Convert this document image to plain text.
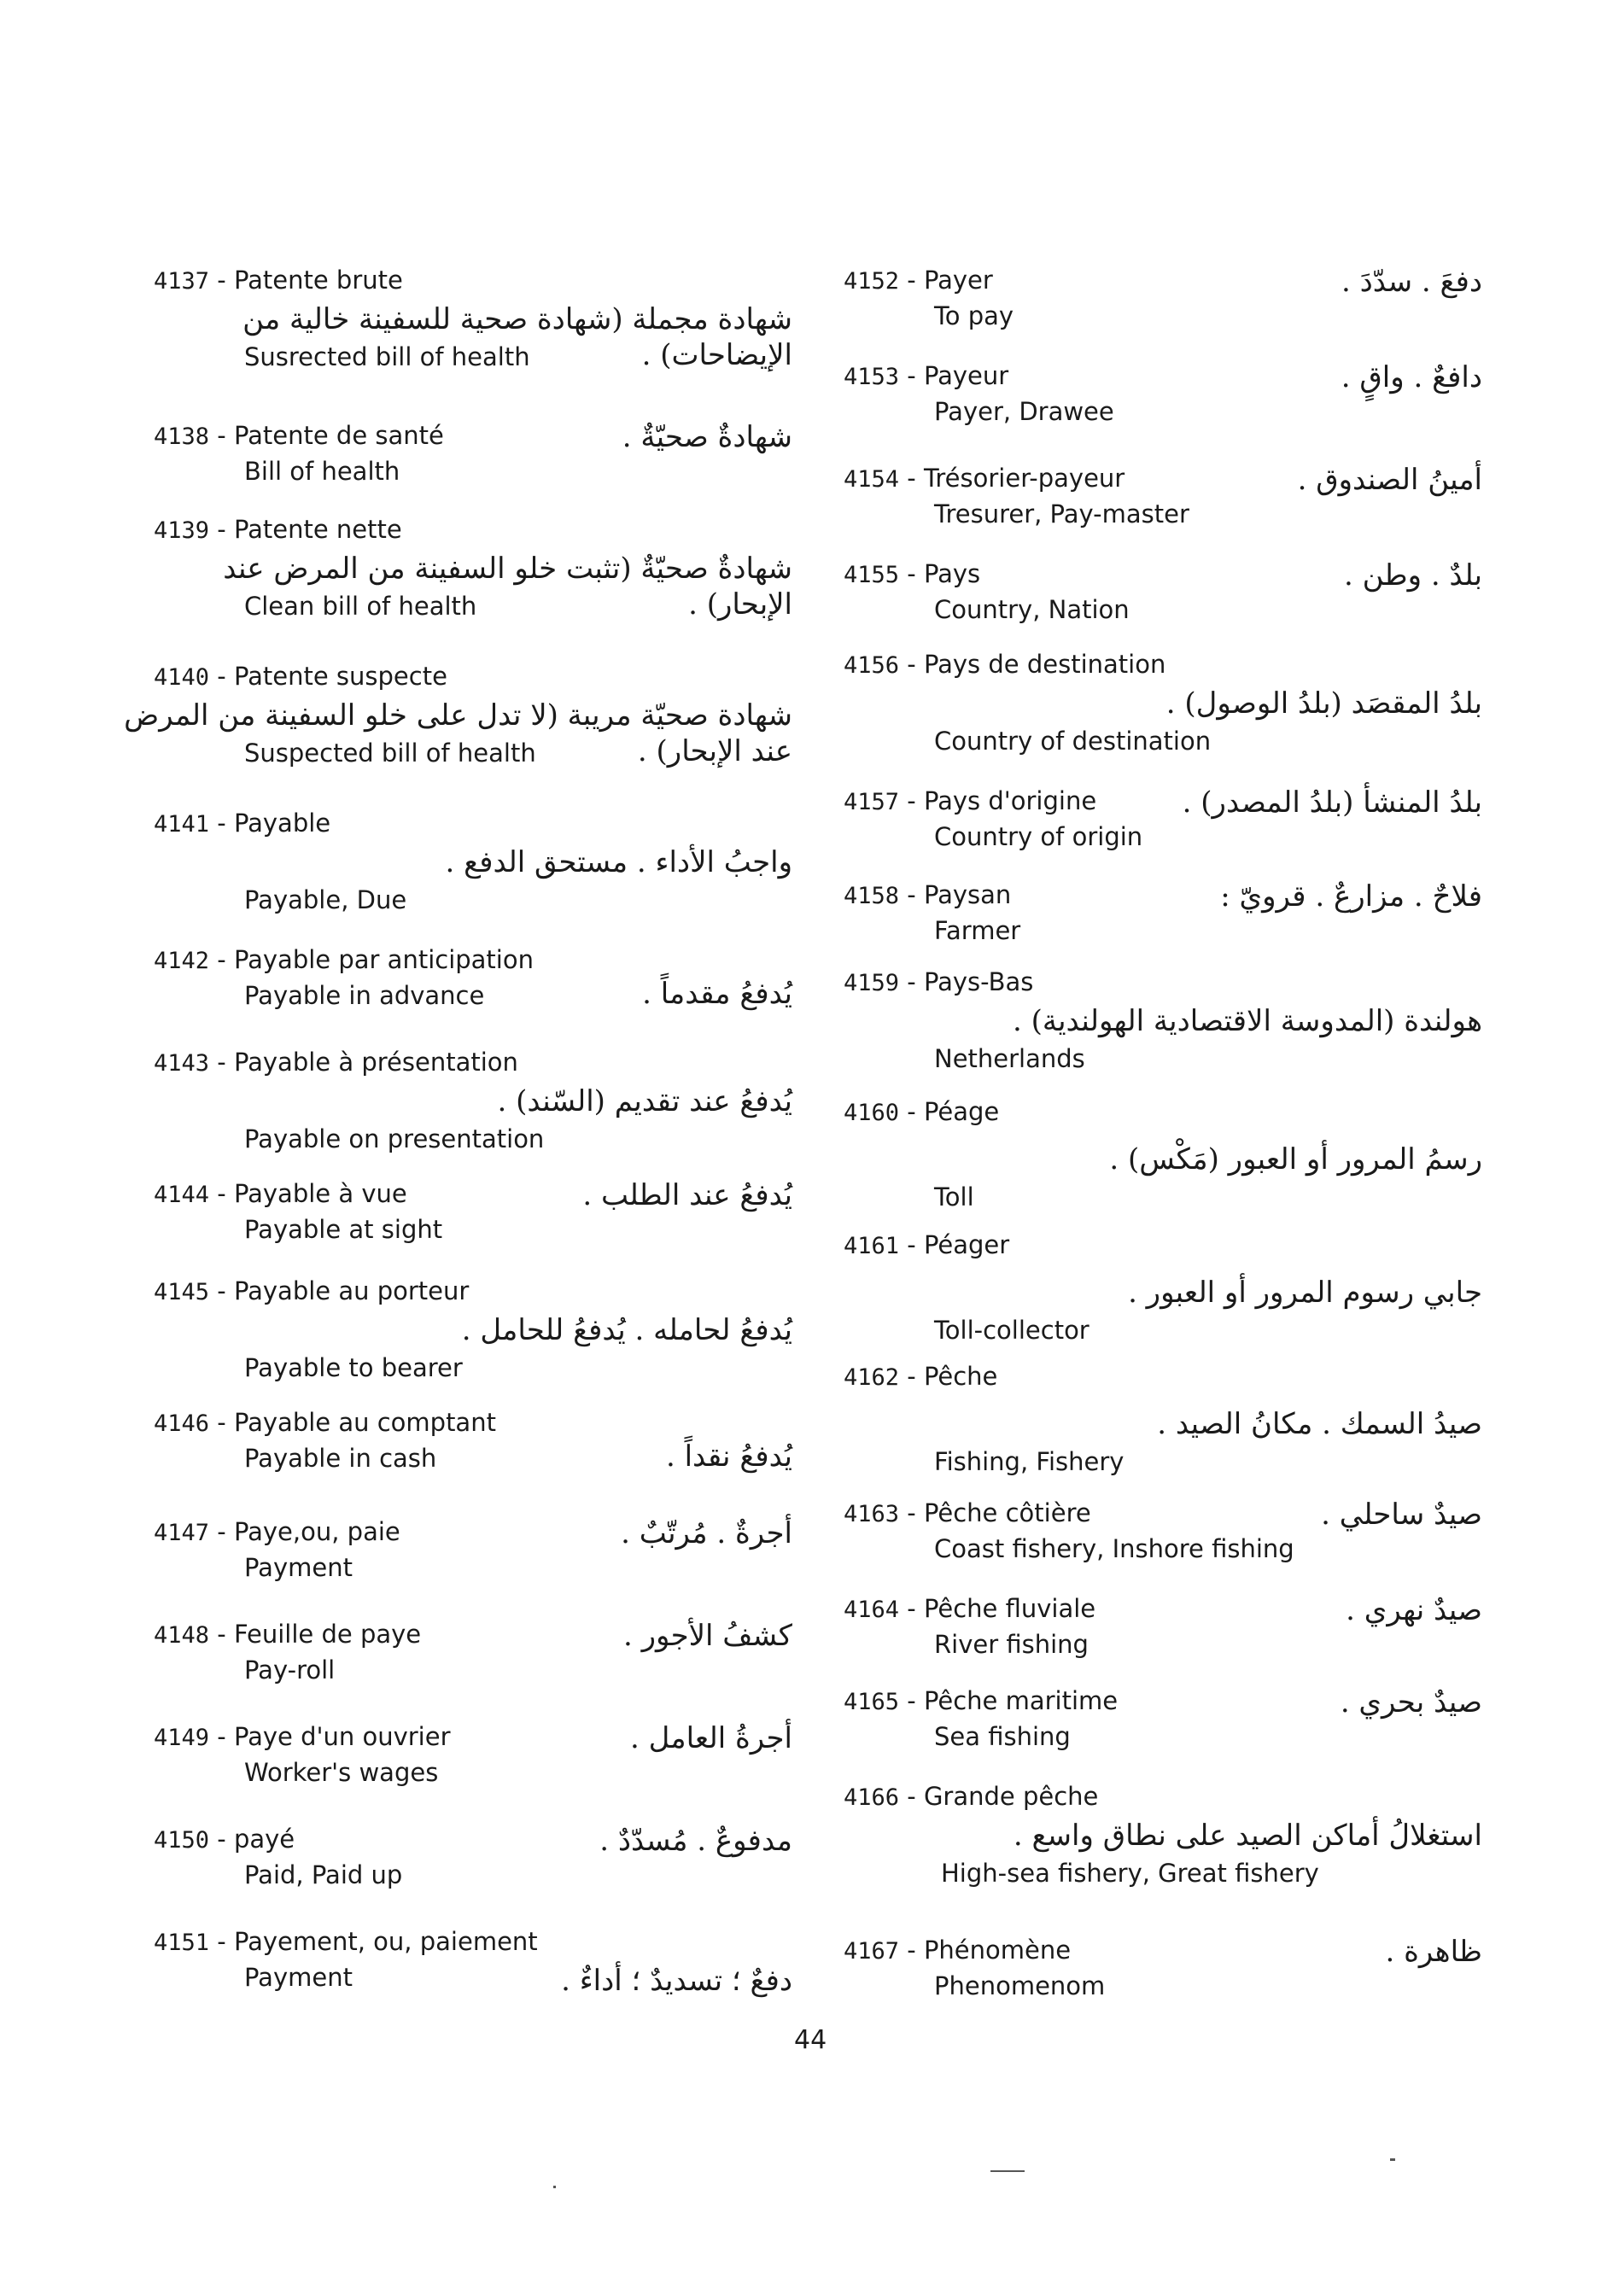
4137 - Patente brute
شهادة مجملة (شهادة صحية للسفينة خالية من
Susrected bill of health	الإيضاحات) .
4138 - Patente de santé	شهادةٌ صحيّةٌ .
Bill of health
4139 - Patente nette
شهادةٌ صحيّةٌ (تثبت خلو السفينة من المرض عند
Clean bill of health	الإبحار) .
4140 - Patente suspecte
شهادة صحيّة مريبة (لا تدل على خلو السفينة من المرض
Suspected bill of health	عند الإبحار) .
4141 - Payable
واجبُ الأداء . مستحق الدفع .
Payable, Due
4142 - Payable par anticipation
Payable in advance	يُدفعُ مقدماً .
4143 - Payable à présentation
يُدفعُ عند تقديم (السّند) .
Payable on presentation
4144 - Payable à vue	يُدفعُ عند الطلب .
Payable at sight
4145 - Payable au porteur
يُدفعُ لحامله . يُدفعُ للحامل .
Payable to bearer
4146 - Payable au comptant
Payable in cash	يُدفعُ نقداً .
4147 - Paye,ou, paie	أجرةٌ . مُرتّبٌ .
Payment
4148 - Feuille de paye	كشفُ الأجور .
Pay-roll
4149 - Paye d'un ouvrier	أجرةُ العامل .
Worker's wages
4150 - payé	مدفوعٌ . مُسدّدٌ .
Paid, Paid up
4151 - Payement, ou, paiement
دفعٌ ؛ تسديدٌ ؛ أداءٌ .
Payment
4152 - Payer	دفعَ . سدّدَ .
To pay
4153 - Payeur	دافعٌ . واقٍ .
Payer, Drawee
4154 - Trésorier-payeur	أمينُ الصندوق .
Tresurer, Pay-master
4155 - Pays	بلدٌ . وطن .
Country, Nation
4156 - Pays de destination
بلدُ المقصَد (بلدُ الوصول) .
Country of destination
4157 - Pays d'origine	بلدُ المنشأ (بلدُ المصدر) .
Country of origin
4158 - Paysan	فلاحٌ . مزارعٌ . قرويّ :
Farmer
4159 - Pays-Bas
هولندة (المدوسة الاقتصادية الهولندية) .
Netherlands
4160 - Péage
رسمُ المرور أو العبور (مَكْس) .
Toll
4161 - Péager
جابي رسوم المرور أو العبور .
Toll-collector
4162 - Pêche
صيدُ السمك . مكانُ الصيد .
Fishing, Fishery
4163 - Pêche côtière	صيدٌ ساحلي .
Coast fishery, Inshore fishing
4164 - Pêche fluviale	صيدٌ نهري .
River fishing
4165 - Pêche maritime	صيدٌ بحري .
Sea fishing
4166 - Grande pêche
استغلالُ أماكن الصيد على نطاق واسع .
High-sea fishery, Great fishery
4167 - Phénomène	ظاهرة .
Phenomenom
44
